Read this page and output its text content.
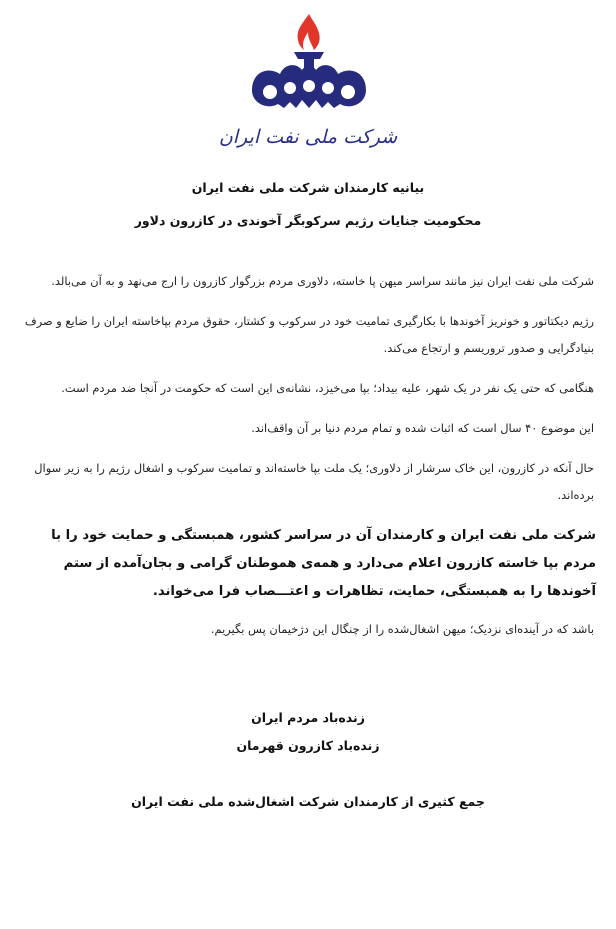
شرکت ملی نفت ایران
بیانیه کارمندان شرکت ملی نفت ایران
محکومیت جنایات رژیم سرکوبگر آخوندی در کازرون دلاور

شرکت ملی نفت ایران نیز مانند سراسر میهن پا خاسته، دلاوری مردم بزرگوار کازرون را ارج می‌نهد و به آن می‌بالد.

رژیم دیکتاتور و خونریز آخوندها با بکارگیری تمامیت خود در سرکوب و کشتار، حقوق مردم بپاخاسته ایران را ضایع و صرف بنیادگرایی و صدور تروریسم و ارتجاع می‌کند.

هنگامی که حتی یک نفر در یک شهر، علیه بیداد؛ بپا می‌خیزد، نشانه‌ی این است که حکومت در آنجا ضد مردم است.

این موضوع ۴۰ سال است که اثبات شده و تمام مردم دنیا بر آن واقف‌اند.

حال آنکه در کازرون، این خاک سرشار از دلاوری؛ یک ملت بپا خاسته‌اند و تمامیت سرکوب و اشغال رژیم را به زیر سوال برده‌اند.

شرکت ملی نفت ایران و کارمندان آن در سراسر کشور، همبستگی و حمایت خود را با مردم بپا خاسته کازرون اعلام می‌دارد و همه‌ی هموطنان گرامی و بجان‌آمده از ستم آخوندها را به همبستگی، حمایت، تظاهرات و اعتـــصاب فرا می‌خواند.
باشد که در آینده‌ای نزدیک؛ میهن اشغال‌شده را از چنگال این دژخیمان پس بگیریم.
زنده‌باد مردم ایران
زنده‌باد کازرون قهرمان
جمع کثیری از کارمندان شرکت اشغال‌شده ملی نفت ایران
